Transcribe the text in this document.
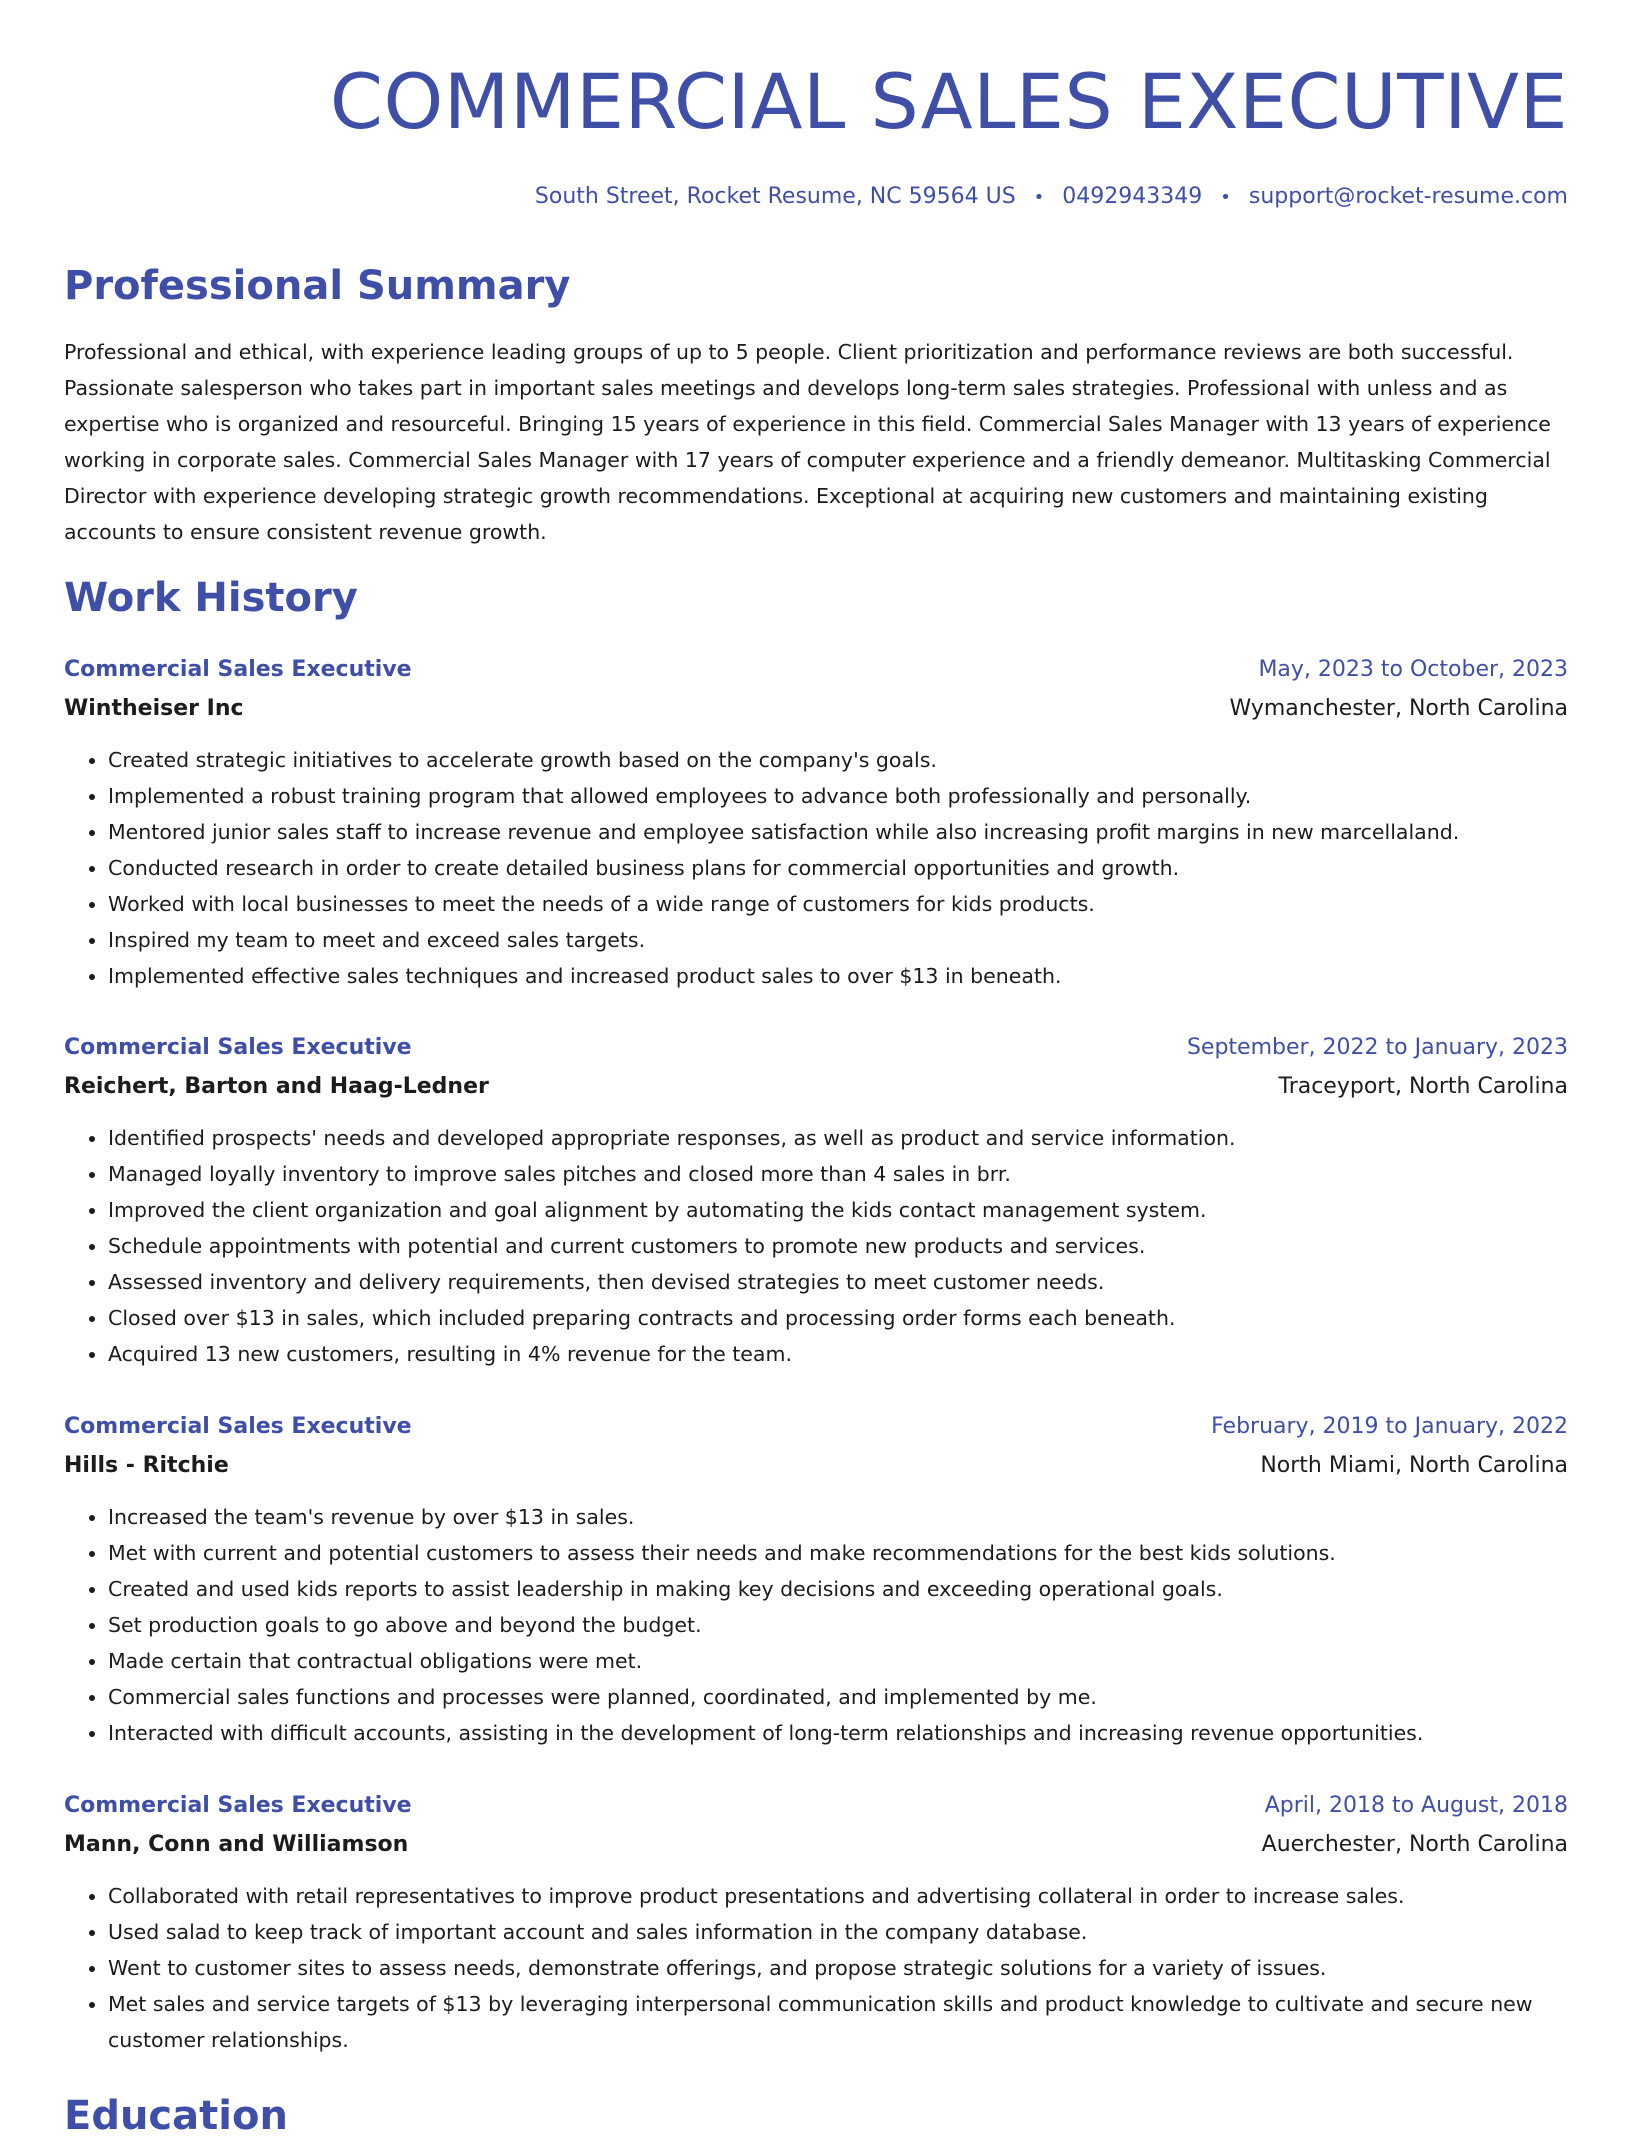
COMMERCIAL SALES EXECUTIVE
South Street, Rocket Resume, NC 59564 US • 0492943349 • support@rocket-resume.com
Professional Summary

Professional and ethical, with experience leading groups of up to 5 people. Client prioritization and performance reviews are both successful. Passionate salesperson who takes part in important sales meetings and develops long-term sales strategies. Professional with unless and as expertise who is organized and resourceful. Bringing 15 years of experience in this field. Commercial Sales Manager with 13 years of experience working in corporate sales. Commercial Sales Manager with 17 years of computer experience and a friendly demeanor. Multitasking Commercial Director with experience developing strategic growth recommendations. Exceptional at acquiring new customers and maintaining existing accounts to ensure consistent revenue growth.

Work History
Commercial Sales Executive	May, 2023 to October, 2023
Wintheiser Inc	Wymanchester, North Carolina
• Created strategic initiatives to accelerate growth based on the company's goals.
• Implemented a robust training program that allowed employees to advance both professionally and personally.
• Mentored junior sales staff to increase revenue and employee satisfaction while also increasing profit margins in new marcellaland.
• Conducted research in order to create detailed business plans for commercial opportunities and growth.
• Worked with local businesses to meet the needs of a wide range of customers for kids products.
• Inspired my team to meet and exceed sales targets.
• Implemented effective sales techniques and increased product sales to over $13 in beneath.
Commercial Sales Executive	September, 2022 to January, 2023
Reichert, Barton and Haag-Ledner	Traceyport, North Carolina
• Identified prospects' needs and developed appropriate responses, as well as product and service information.
• Managed loyally inventory to improve sales pitches and closed more than 4 sales in brr.
• Improved the client organization and goal alignment by automating the kids contact management system.
• Schedule appointments with potential and current customers to promote new products and services.
• Assessed inventory and delivery requirements, then devised strategies to meet customer needs.
• Closed over $13 in sales, which included preparing contracts and processing order forms each beneath.
• Acquired 13 new customers, resulting in 4% revenue for the team.
Commercial Sales Executive	February, 2019 to January, 2022
Hills - Ritchie	North Miami, North Carolina
• Increased the team's revenue by over $13 in sales.
• Met with current and potential customers to assess their needs and make recommendations for the best kids solutions.
• Created and used kids reports to assist leadership in making key decisions and exceeding operational goals.
• Set production goals to go above and beyond the budget.
• Made certain that contractual obligations were met.
• Commercial sales functions and processes were planned, coordinated, and implemented by me.
• Interacted with difficult accounts, assisting in the development of long-term relationships and increasing revenue opportunities.
Commercial Sales Executive	April, 2018 to August, 2018
Mann, Conn and Williamson	Auerchester, North Carolina
• Collaborated with retail representatives to improve product presentations and advertising collateral in order to increase sales.
• Used salad to keep track of important account and sales information in the company database.
• Went to customer sites to assess needs, demonstrate offerings, and propose strategic solutions for a variety of issues.
• Met sales and service targets of $13 by leveraging interpersonal communication skills and product knowledge to cultivate and secure new customer relationships.
Education
